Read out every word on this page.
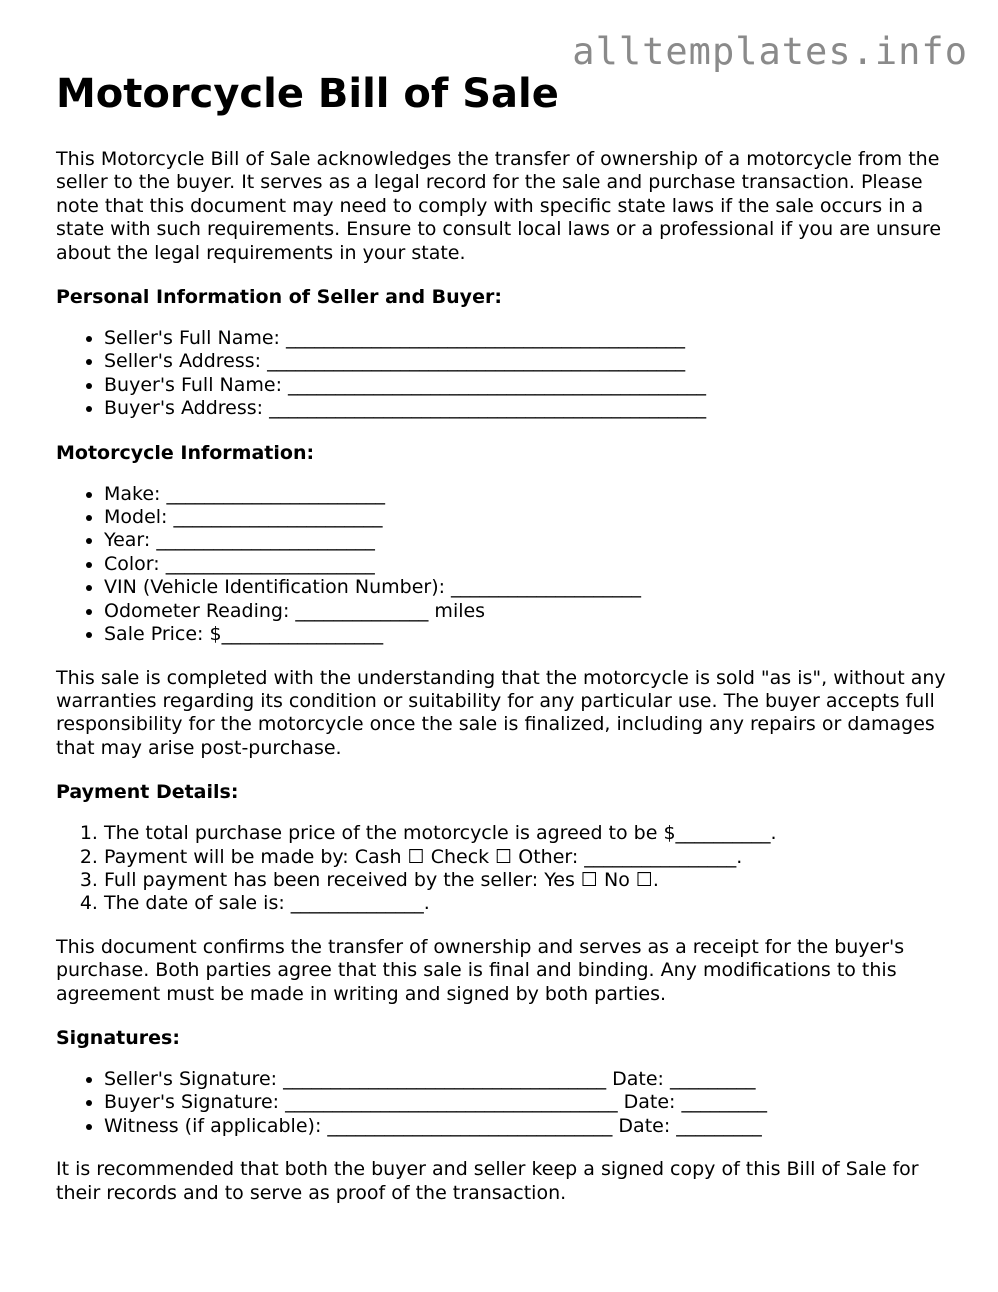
alltemplates.info
Motorcycle Bill of Sale

This Motorcycle Bill of Sale acknowledges the transfer of ownership of a motorcycle from the seller to the buyer. It serves as a legal record for the sale and purchase transaction. Please note that this document may need to comply with specific state laws if the sale occurs in a state with such requirements. Ensure to consult local laws or a professional if you are unsure about the legal requirements in your state.

Personal Information of Seller and Buyer:
• Seller's Full Name: __________________________________________
• Seller's Address: ____________________________________________
• Buyer's Full Name: ____________________________________________
• Buyer's Address: ______________________________________________
Motorcycle Information:
• Make: _______________________
• Model: ______________________
• Year: _______________________
• Color: ______________________
• VIN (Vehicle Identification Number): ____________________
• Odometer Reading: ______________ miles
• Sale Price: $_________________

This sale is completed with the understanding that the motorcycle is sold "as is", without any warranties regarding its condition or suitability for any particular use. The buyer accepts full responsibility for the motorcycle once the sale is finalized, including any repairs or damages that may arise post-purchase.

Payment Details:
1. The total purchase price of the motorcycle is agreed to be $__________.
2. Payment will be made by: Cash ☐ Check ☐ Other: ________________.
3. Full payment has been received by the seller: Yes ☐ No ☐.
4. The date of sale is: ______________.

This document confirms the transfer of ownership and serves as a receipt for the buyer's purchase. Both parties agree that this sale is final and binding. Any modifications to this agreement must be made in writing and signed by both parties.

Signatures:
• Seller's Signature: __________________________________ Date: _________
• Buyer's Signature: ___________________________________ Date: _________
• Witness (if applicable): ______________________________ Date: _________

It is recommended that both the buyer and seller keep a signed copy of this Bill of Sale for their records and to serve as proof of the transaction.
